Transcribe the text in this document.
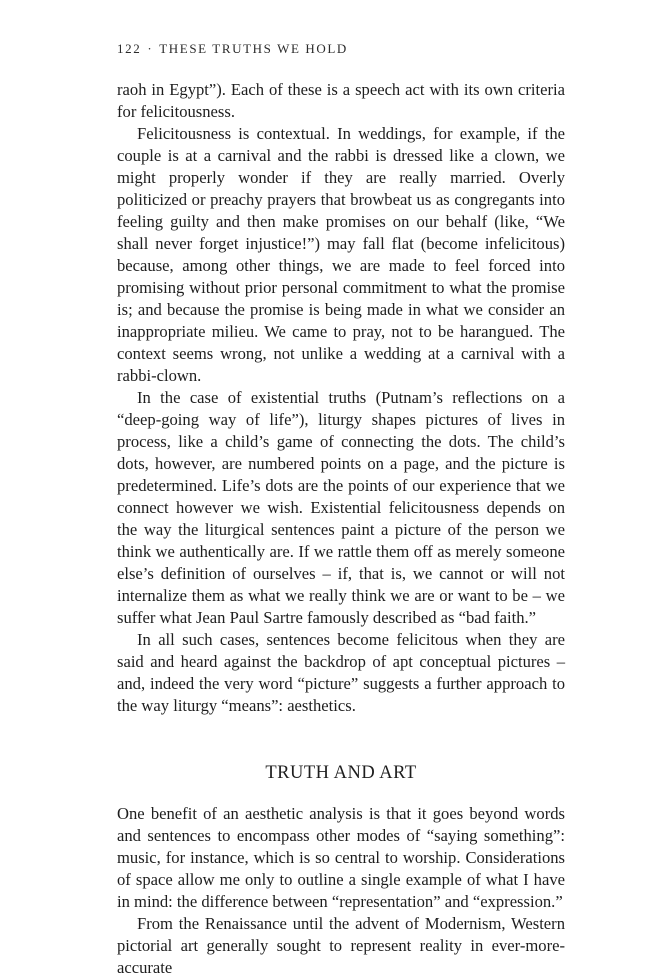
122 · THESE TRUTHS WE HOLD

raoh in Egypt”). Each of these is a speech act with its own criteria for felicitousness.

Felicitousness is contextual. In weddings, for example, if the couple is at a carnival and the rabbi is dressed like a clown, we might properly wonder if they are really married. Overly politicized or preachy prayers that browbeat us as congregants into feeling guilty and then make promises on our behalf (like, “We shall never forget injustice!”) may fall flat (become infelicitous) because, among other things, we are made to feel forced into promising without prior personal commitment to what the promise is; and because the promise is being made in what we consider an inappropriate milieu. We came to pray, not to be harangued. The context seems wrong, not unlike a wedding at a carnival with a rabbi-clown.

In the case of existential truths (Putnam’s reflections on a “deep-going way of life”), liturgy shapes pictures of lives in process, like a child’s game of connecting the dots. The child’s dots, however, are numbered points on a page, and the picture is predetermined. Life’s dots are the points of our experience that we connect however we wish. Existential felicitousness depends on the way the liturgical sentences paint a picture of the person we think we authentically are. If we rattle them off as merely someone else’s definition of ourselves – if, that is, we cannot or will not internalize them as what we really think we are or want to be – we suffer what Jean Paul Sartre famously described as “bad faith.”

In all such cases, sentences become felicitous when they are said and heard against the backdrop of apt conceptual pictures – and, indeed the very word “picture” suggests a further approach to the way liturgy “means”: aesthetics.

TRUTH AND ART

One benefit of an aesthetic analysis is that it goes beyond words and sentences to encompass other modes of “saying something”: music, for instance, which is so central to worship. Considerations of space allow me only to outline a single example of what I have in mind: the difference between “representation” and “expression.”

From the Renaissance until the advent of Modernism, Western pictorial art generally sought to represent reality in ever-more-accurate
